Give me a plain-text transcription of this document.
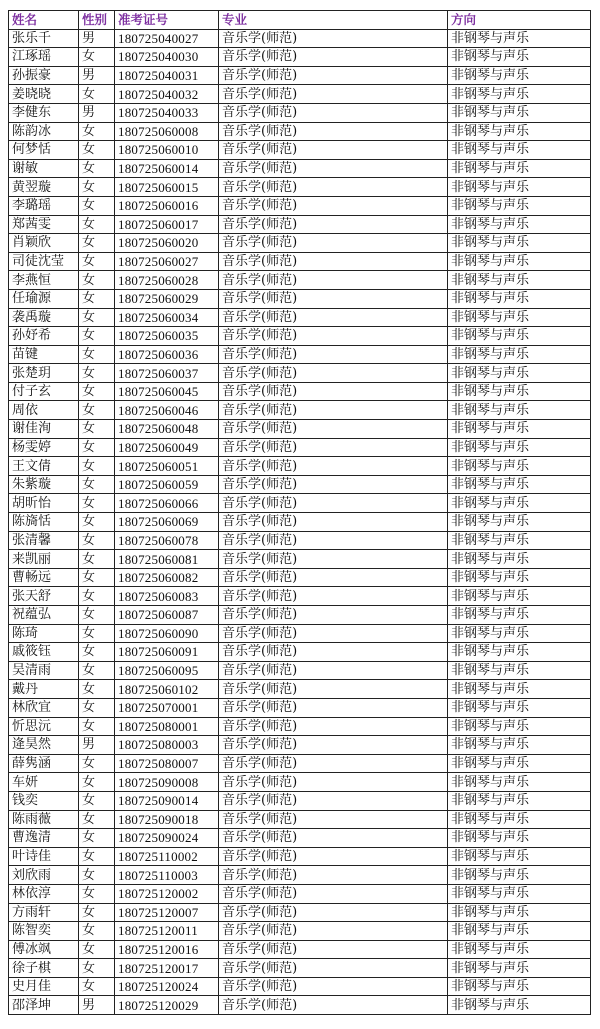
姓名	性别	准考证号	专业	方向
张乐千	男	180725040027	音乐学(师范)	非钢琴与声乐
江琢瑶	女	180725040030	音乐学(师范)	非钢琴与声乐
孙振豪	男	180725040031	音乐学(师范)	非钢琴与声乐
姜晓晓	女	180725040032	音乐学(师范)	非钢琴与声乐
李健东	男	180725040033	音乐学(师范)	非钢琴与声乐
陈韵冰	女	180725060008	音乐学(师范)	非钢琴与声乐
何梦恬	女	180725060010	音乐学(师范)	非钢琴与声乐
谢敏	女	180725060014	音乐学(师范)	非钢琴与声乐
黄翌璇	女	180725060015	音乐学(师范)	非钢琴与声乐
李璐瑶	女	180725060016	音乐学(师范)	非钢琴与声乐
郑茜雯	女	180725060017	音乐学(师范)	非钢琴与声乐
肖颖欣	女	180725060020	音乐学(师范)	非钢琴与声乐
司徒沈莹	女	180725060027	音乐学(师范)	非钢琴与声乐
李燕恒	女	180725060028	音乐学(师范)	非钢琴与声乐
任瑜源	女	180725060029	音乐学(师范)	非钢琴与声乐
袭禹璇	女	180725060034	音乐学(师范)	非钢琴与声乐
孙妤希	女	180725060035	音乐学(师范)	非钢琴与声乐
苗键	女	180725060036	音乐学(师范)	非钢琴与声乐
张楚玥	女	180725060037	音乐学(师范)	非钢琴与声乐
付子玄	女	180725060045	音乐学(师范)	非钢琴与声乐
周依	女	180725060046	音乐学(师范)	非钢琴与声乐
谢佳洵	女	180725060048	音乐学(师范)	非钢琴与声乐
杨雯婷	女	180725060049	音乐学(师范)	非钢琴与声乐
王文倩	女	180725060051	音乐学(师范)	非钢琴与声乐
朱紫璇	女	180725060059	音乐学(师范)	非钢琴与声乐
胡昕怡	女	180725060066	音乐学(师范)	非钢琴与声乐
陈旖恬	女	180725060069	音乐学(师范)	非钢琴与声乐
张清馨	女	180725060078	音乐学(师范)	非钢琴与声乐
来凯丽	女	180725060081	音乐学(师范)	非钢琴与声乐
曹畅远	女	180725060082	音乐学(师范)	非钢琴与声乐
张天舒	女	180725060083	音乐学(师范)	非钢琴与声乐
祝蕴弘	女	180725060087	音乐学(师范)	非钢琴与声乐
陈琦	女	180725060090	音乐学(师范)	非钢琴与声乐
戚筱钰	女	180725060091	音乐学(师范)	非钢琴与声乐
吴清雨	女	180725060095	音乐学(师范)	非钢琴与声乐
戴丹	女	180725060102	音乐学(师范)	非钢琴与声乐
林欣宜	女	180725070001	音乐学(师范)	非钢琴与声乐
忻思沅	女	180725080001	音乐学(师范)	非钢琴与声乐
逄昊然	男	180725080003	音乐学(师范)	非钢琴与声乐
薛隽涵	女	180725080007	音乐学(师范)	非钢琴与声乐
车妍	女	180725090008	音乐学(师范)	非钢琴与声乐
钱奕	女	180725090014	音乐学(师范)	非钢琴与声乐
陈雨薇	女	180725090018	音乐学(师范)	非钢琴与声乐
曹逸清	女	180725090024	音乐学(师范)	非钢琴与声乐
叶诗佳	女	180725110002	音乐学(师范)	非钢琴与声乐
刘欣雨	女	180725110003	音乐学(师范)	非钢琴与声乐
林依淳	女	180725120002	音乐学(师范)	非钢琴与声乐
方雨轩	女	180725120007	音乐学(师范)	非钢琴与声乐
陈智奕	女	180725120011	音乐学(师范)	非钢琴与声乐
傅冰飒	女	180725120016	音乐学(师范)	非钢琴与声乐
徐子棋	女	180725120017	音乐学(师范)	非钢琴与声乐
史月佳	女	180725120024	音乐学(师范)	非钢琴与声乐
邵泽坤	男	180725120029	音乐学(师范)	非钢琴与声乐
